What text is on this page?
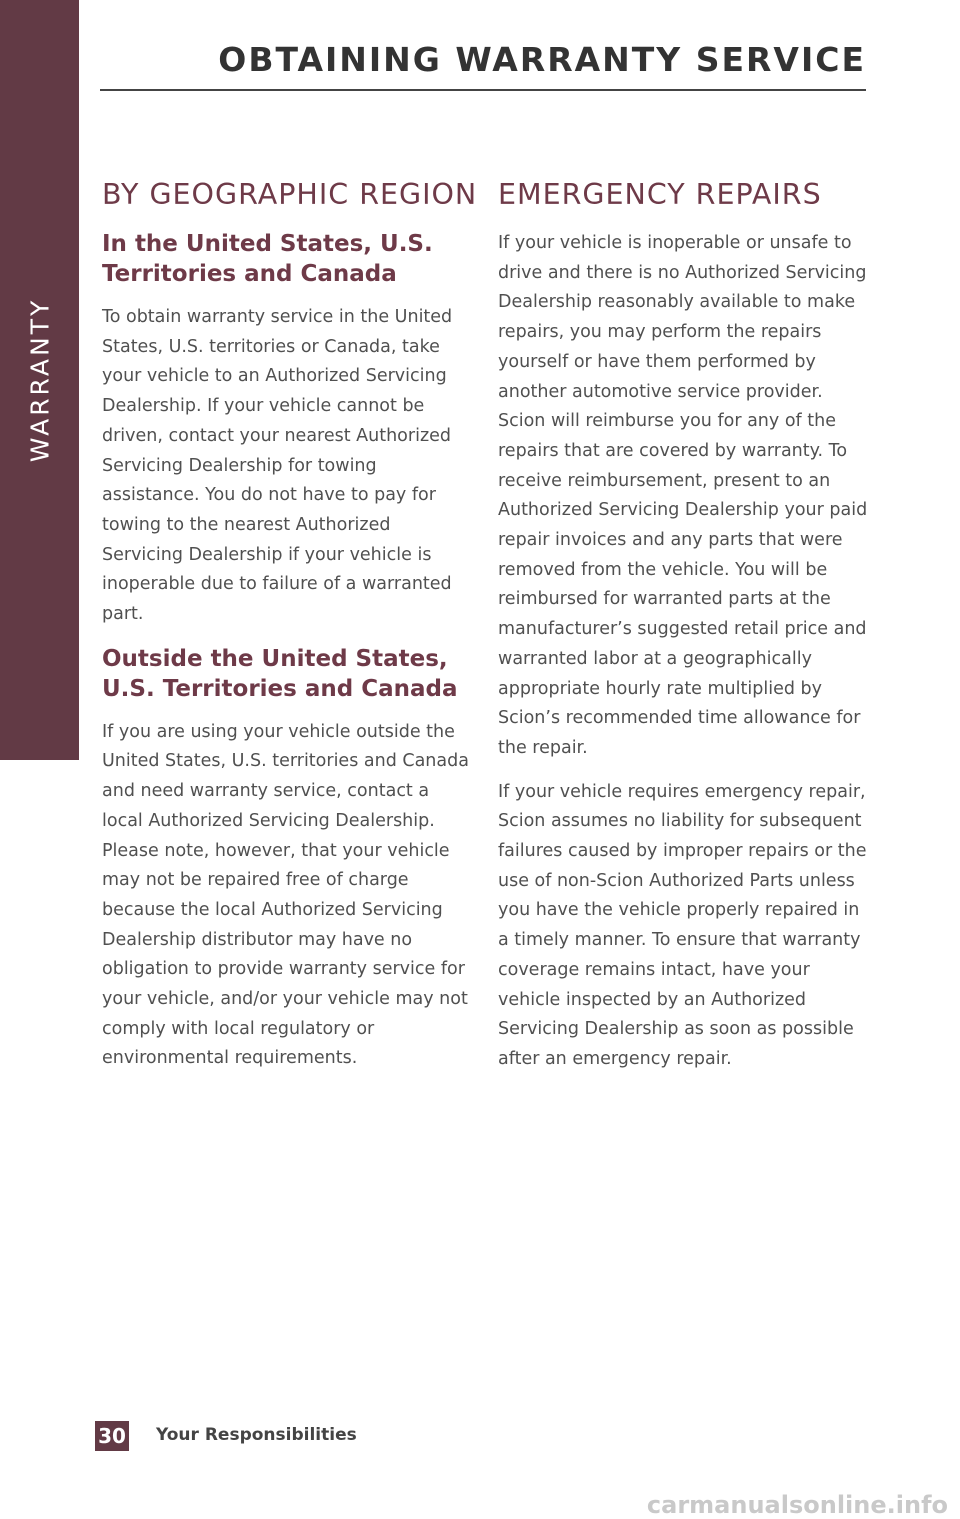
WARRANTY
OBTAINING WARRANTY SERVICE
BY GEOGRAPHIC REGION
In the United States, U.S. Territories and Canada

To obtain warranty service in the United States, U.S. territories or Canada, take your vehicle to an Authorized Servicing Dealership. If your vehicle cannot be driven, contact your nearest Authorized Servicing Dealership for towing assistance. You do not have to pay for towing to the nearest Authorized Servicing Dealership if your vehicle is inoperable due to failure of a warranted part.

Outside the United States, U.S. Territories and Canada

If you are using your vehicle outside the United States, U.S. territories and Canada and need warranty service, contact a local Authorized Servicing Dealership. Please note, however, that your vehicle may not be repaired free of charge because the local Authorized Servicing Dealership distributor may have no obligation to provide warranty service for your vehicle, and/or your vehicle may not comply with local regulatory or environmental requirements.

EMERGENCY REPAIRS

If your vehicle is inoperable or unsafe to drive and there is no Authorized Servicing Dealership reasonably available to make repairs, you may perform the repairs yourself or have them performed by another automotive service provider. Scion will reimburse you for any of the repairs that are covered by warranty. To receive reimbursement, present to an Authorized Servicing Dealership your paid repair invoices and any parts that were removed from the vehicle. You will be reimbursed for warranted parts at the manufacturer’s suggested retail price and warranted labor at a geographically appropriate hourly rate multiplied by Scion’s recommended time allowance for the repair.

If your vehicle requires emergency repair, Scion assumes no liability for subsequent failures caused by improper repairs or the use of non-Scion Authorized Parts unless you have the vehicle properly repaired in a timely manner. To ensure that warranty coverage remains intact, have your vehicle inspected by an Authorized Servicing Dealership as soon as possible after an emergency repair.

30 Your Responsibilities
carmanualsonline.info
